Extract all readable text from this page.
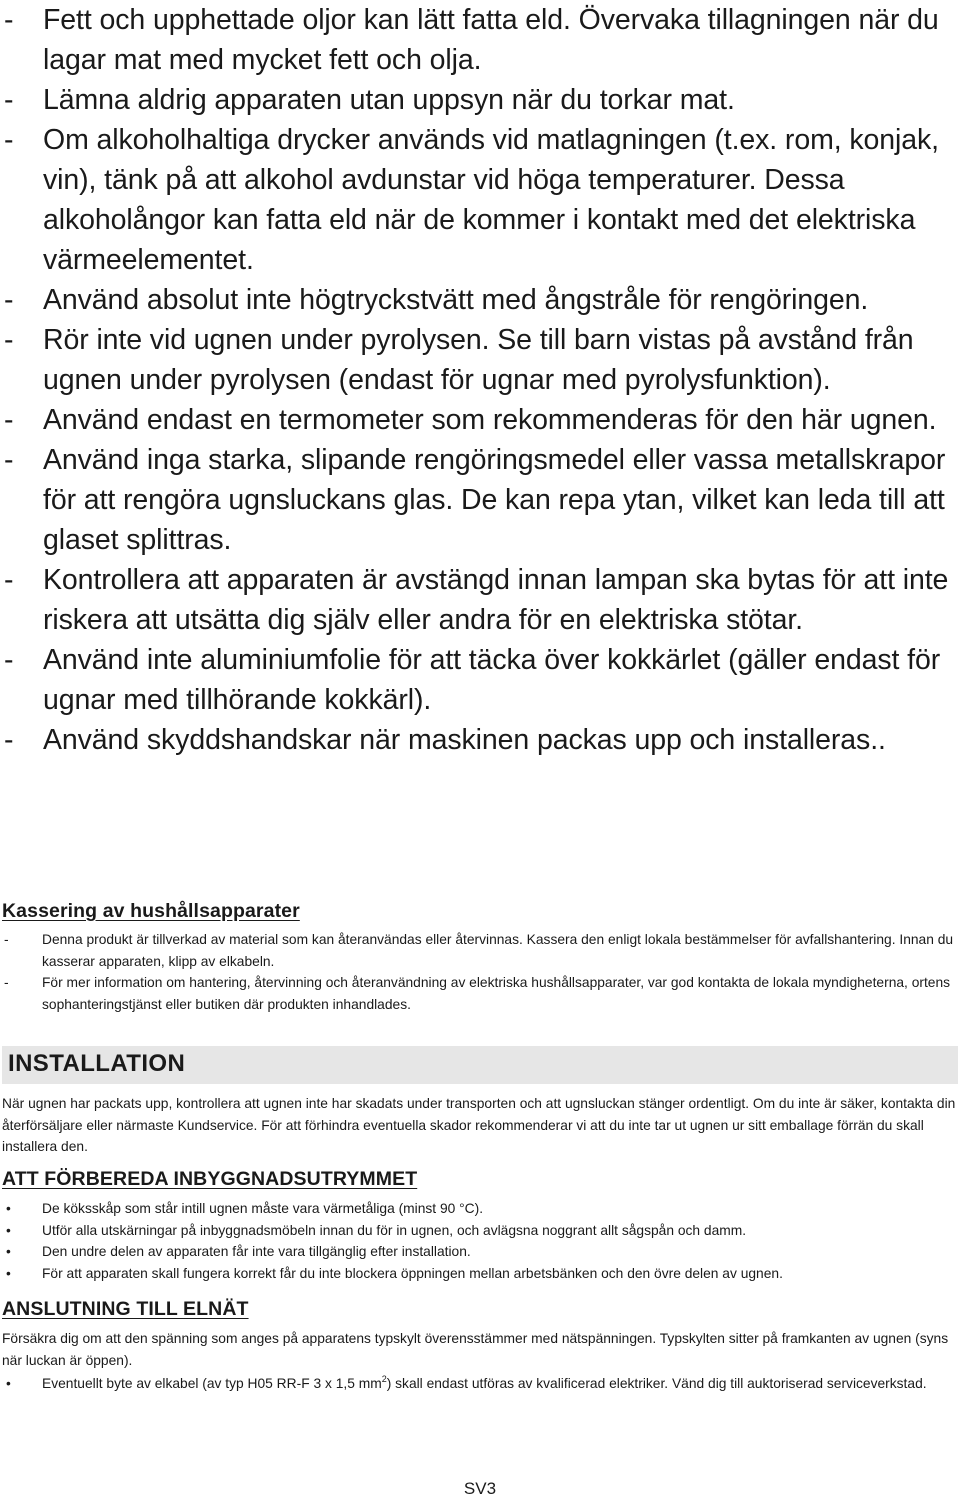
- Fett och upphettade oljor kan lätt fatta eld. Övervaka tillagningen när du lagar mat med mycket fett och olja.
- Lämna aldrig apparaten utan uppsyn när du torkar mat.
- Om alkoholhaltiga drycker används vid matlagningen (t.ex. rom, konjak, vin), tänk på att alkohol avdunstar vid höga temperaturer. Dessa alkoholångor kan fatta eld när de kommer i kontakt med det elektriska värmeelementet.
- Använd absolut inte högtryckstvätt med ångstråle för rengöringen.
- Rör inte vid ugnen under pyrolysen. Se till barn vistas på avstånd från ugnen under pyrolysen (endast för ugnar med pyrolysfunktion).
- Använd endast en termometer som rekommenderas för den här ugnen.
- Använd inga starka, slipande rengöringsmedel eller vassa metallskrapor för att rengöra ugnsluckans glas. De kan repa ytan, vilket kan leda till att glaset splittras.
- Kontrollera att apparaten är avstängd innan lampan ska bytas för att inte riskera att utsätta dig själv eller andra för en elektriska stötar.
- Använd inte aluminiumfolie för att täcka över kokkärlet (gäller endast för ugnar med tillhörande kokkärl).
- Använd skyddshandskar när maskinen packas upp och installeras..
Kassering av hushållsapparater
- Denna produkt är tillverkad av material som kan återanvändas eller återvinnas. Kassera den enligt lokala bestämmelser för avfallshantering. Innan du kasserar apparaten, klipp av elkabeln.
- För mer information om hantering, återvinning och återanvändning av elektriska hushållsapparater, var god kontakta de lokala myndigheterna, ortens sophanteringstjänst eller butiken där produkten inhandlades.
INSTALLATION
När ugnen har packats upp, kontrollera att ugnen inte har skadats under transporten och att ugnsluckan stänger ordentligt. Om du inte är säker, kontakta din återförsäljare eller närmaste Kundservice. För att förhindra eventuella skador rekommenderar vi att du inte tar ut ugnen ur sitt emballage förrän du skall installera den.
ATT FÖRBEREDA INBYGGNADSUTRYMMET
• De köksskåp som står intill ugnen måste vara värmetåliga (minst 90 °C).
• Utför alla utskärningar på inbyggnadsmöbeln innan du för in ugnen, och avlägsna noggrant allt sågspån och damm.
• Den undre delen av apparaten får inte vara tillgänglig efter installation.
• För att apparaten skall fungera korrekt får du inte blockera öppningen mellan arbetsbänken och den övre delen av ugnen.
ANSLUTNING TILL ELNÄT
Försäkra dig om att den spänning som anges på apparatens typskylt överensstämmer med nätspänningen. Typskylten sitter på framkanten av ugnen (syns när luckan är öppen).
• Eventuellt byte av elkabel (av typ H05 RR-F 3 x 1,5 $mm^2$) skall endast utföras av kvalificerad elektriker. Vänd dig till auktoriserad serviceverkstad.
SV3
